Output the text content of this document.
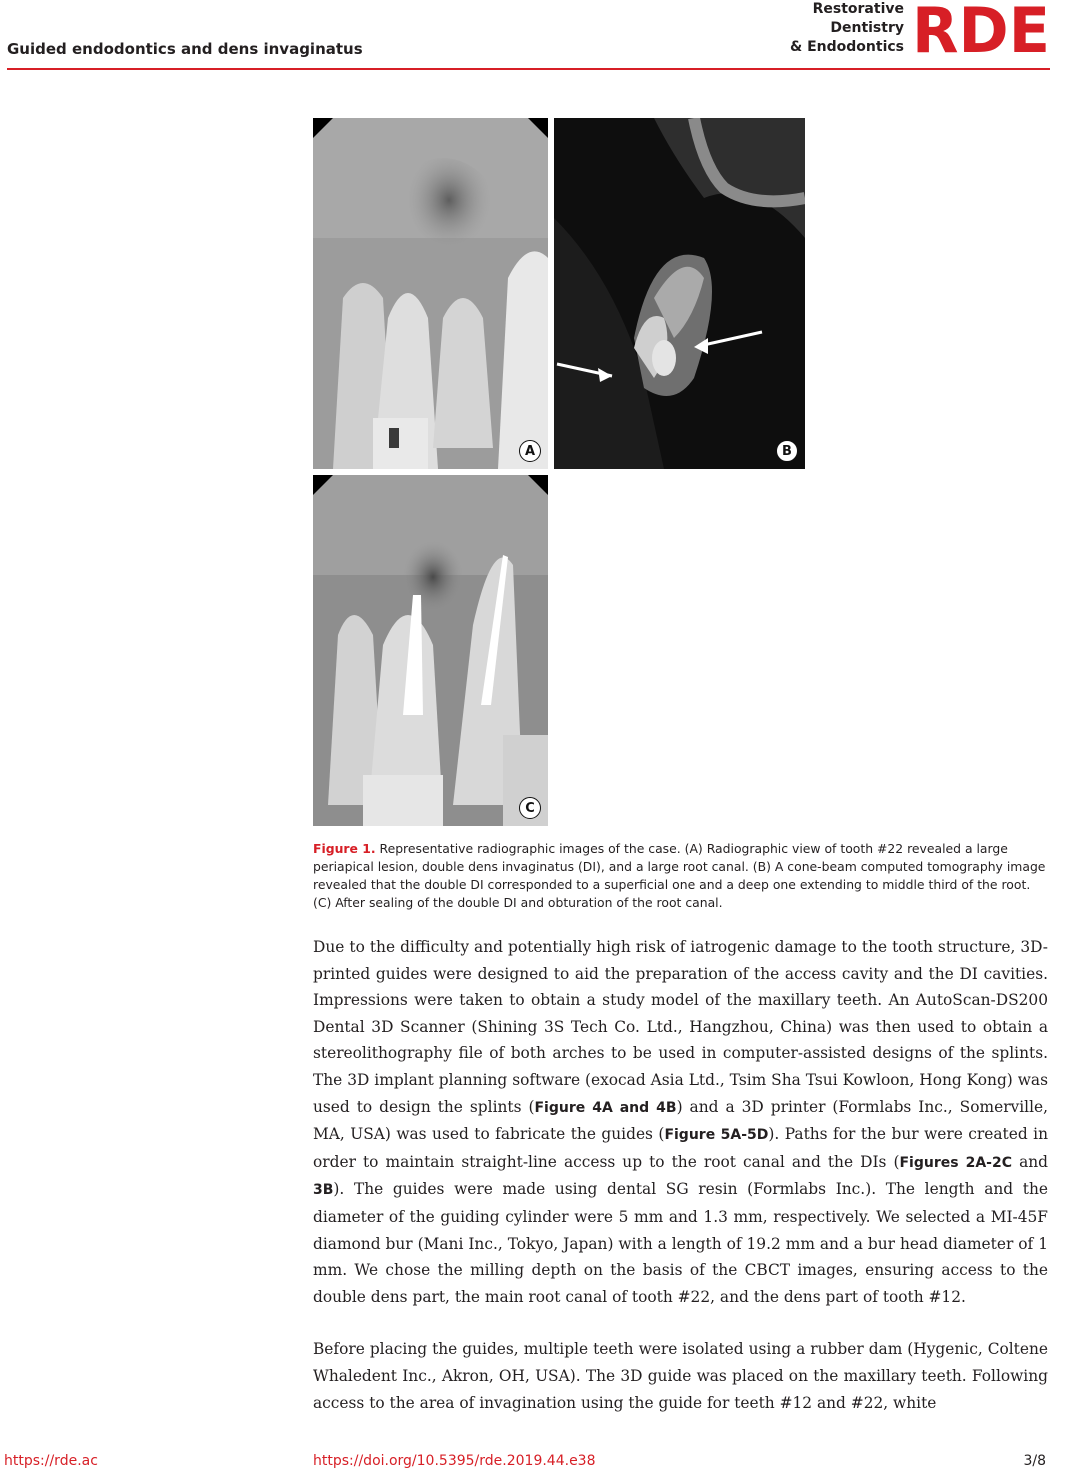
Guided endodontics and dens invaginatus
Restorative
Dentistry
& Endodontics RDE
A	B
C
Figure 1. Representative radiographic images of the case. (A) Radiographic view of tooth #22 revealed a large periapical lesion, double dens invaginatus (DI), and a large root canal. (B) A cone-beam computed tomography image revealed that the double DI corresponded to a superficial one and a deep one extending to middle third of the root. (C) After sealing of the double DI and obturation of the root canal.

Due to the difficulty and potentially high risk of iatrogenic damage to the tooth structure, 3D-printed guides were designed to aid the preparation of the access cavity and the DI cavities. Impressions were taken to obtain a study model of the maxillary teeth. An AutoScan-DS200 Dental 3D Scanner (Shining 3S Tech Co. Ltd., Hangzhou, China) was then used to obtain a stereolithography file of both arches to be used in computer-assisted designs of the splints. The 3D implant planning software (exocad Asia Ltd., Tsim Sha Tsui Kowloon, Hong Kong) was used to design the splints (Figure 4A and 4B) and a 3D printer (Formlabs Inc., Somerville, MA, USA) was used to fabricate the guides (Figure 5A-5D). Paths for the bur were created in order to maintain straight-line access up to the root canal and the DIs (Figures 2A-2C and 3B). The guides were made using dental SG resin (Formlabs Inc.). The length and the diameter of the guiding cylinder were 5 mm and 1.3 mm, respectively. We selected a MI-45F diamond bur (Mani Inc., Tokyo, Japan) with a length of 19.2 mm and a bur head diameter of 1 mm. We chose the milling depth on the basis of the CBCT images, ensuring access to the double dens part, the main root canal of tooth #22, and the dens part of tooth #12.

Before placing the guides, multiple teeth were isolated using a rubber dam (Hygenic, Coltene Whaledent Inc., Akron, OH, USA). The 3D guide was placed on the maxillary teeth. Following access to the area of invagination using the guide for teeth #12 and #22, white

https://rde.ac	https://doi.org/10.5395/rde.2019.44.e38	3/8
